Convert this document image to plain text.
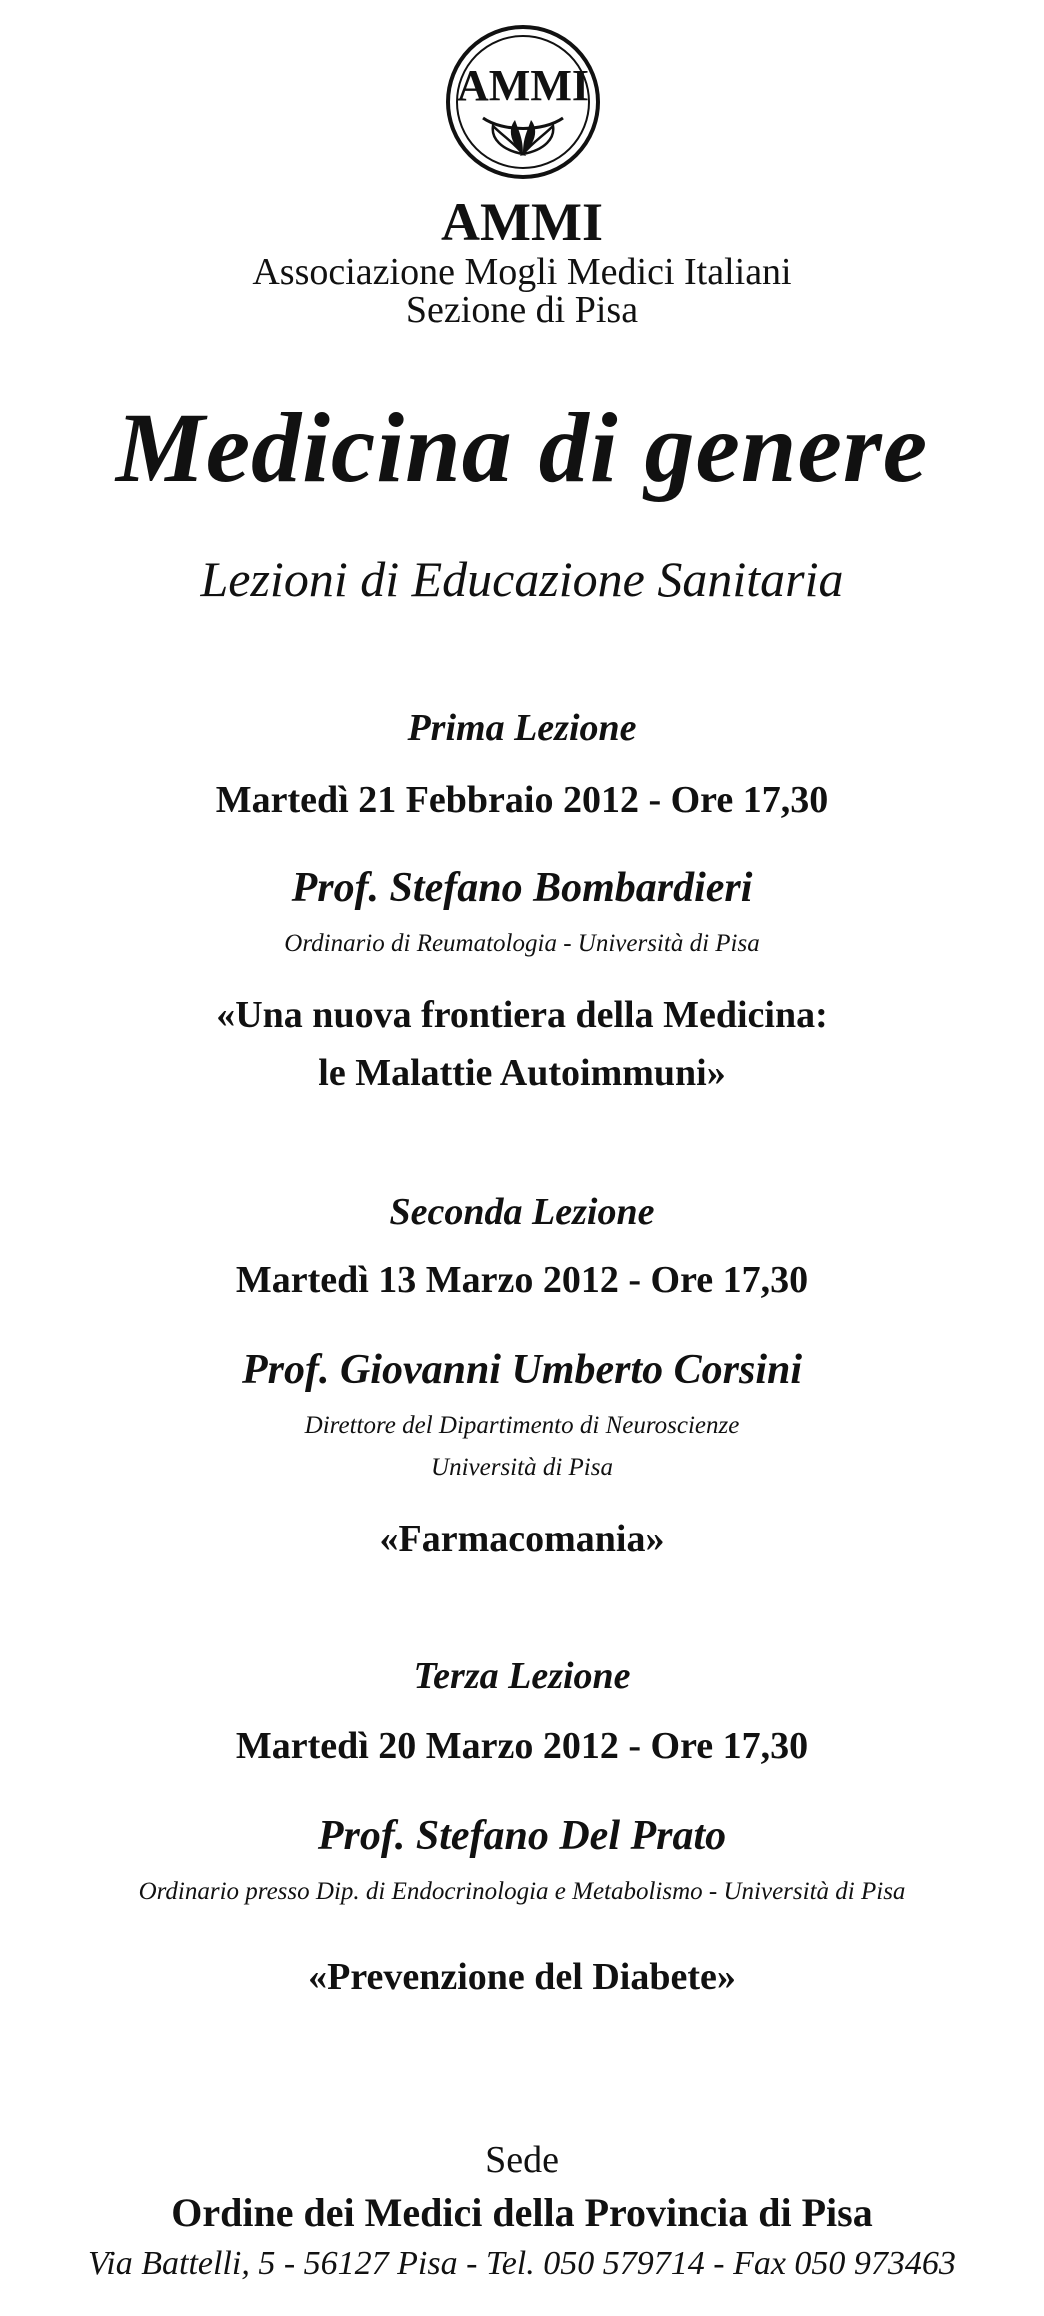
AMMI
AMMI
Associazione Mogli Medici Italiani
Sezione di Pisa
Medicina di genere
Lezioni di Educazione Sanitaria
Prima Lezione
Martedì 21 Febbraio 2012 - Ore 17,30
Prof. Stefano Bombardieri
Ordinario di Reumatologia - Università di Pisa
«Una nuova frontiera della Medicina:
le Malattie Autoimmuni»
Seconda Lezione
Martedì 13 Marzo 2012 - Ore 17,30
Prof. Giovanni Umberto Corsini
Direttore del Dipartimento di Neuroscienze
Università di Pisa
«Farmacomania»
Terza Lezione
Martedì 20 Marzo 2012 - Ore 17,30
Prof. Stefano Del Prato
Ordinario presso Dip. di Endocrinologia e Metabolismo - Università di Pisa
«Prevenzione del Diabete»
Sede
Ordine dei Medici della Provincia di Pisa
Via Battelli, 5 - 56127 Pisa - Tel. 050 579714 - Fax 050 973463
